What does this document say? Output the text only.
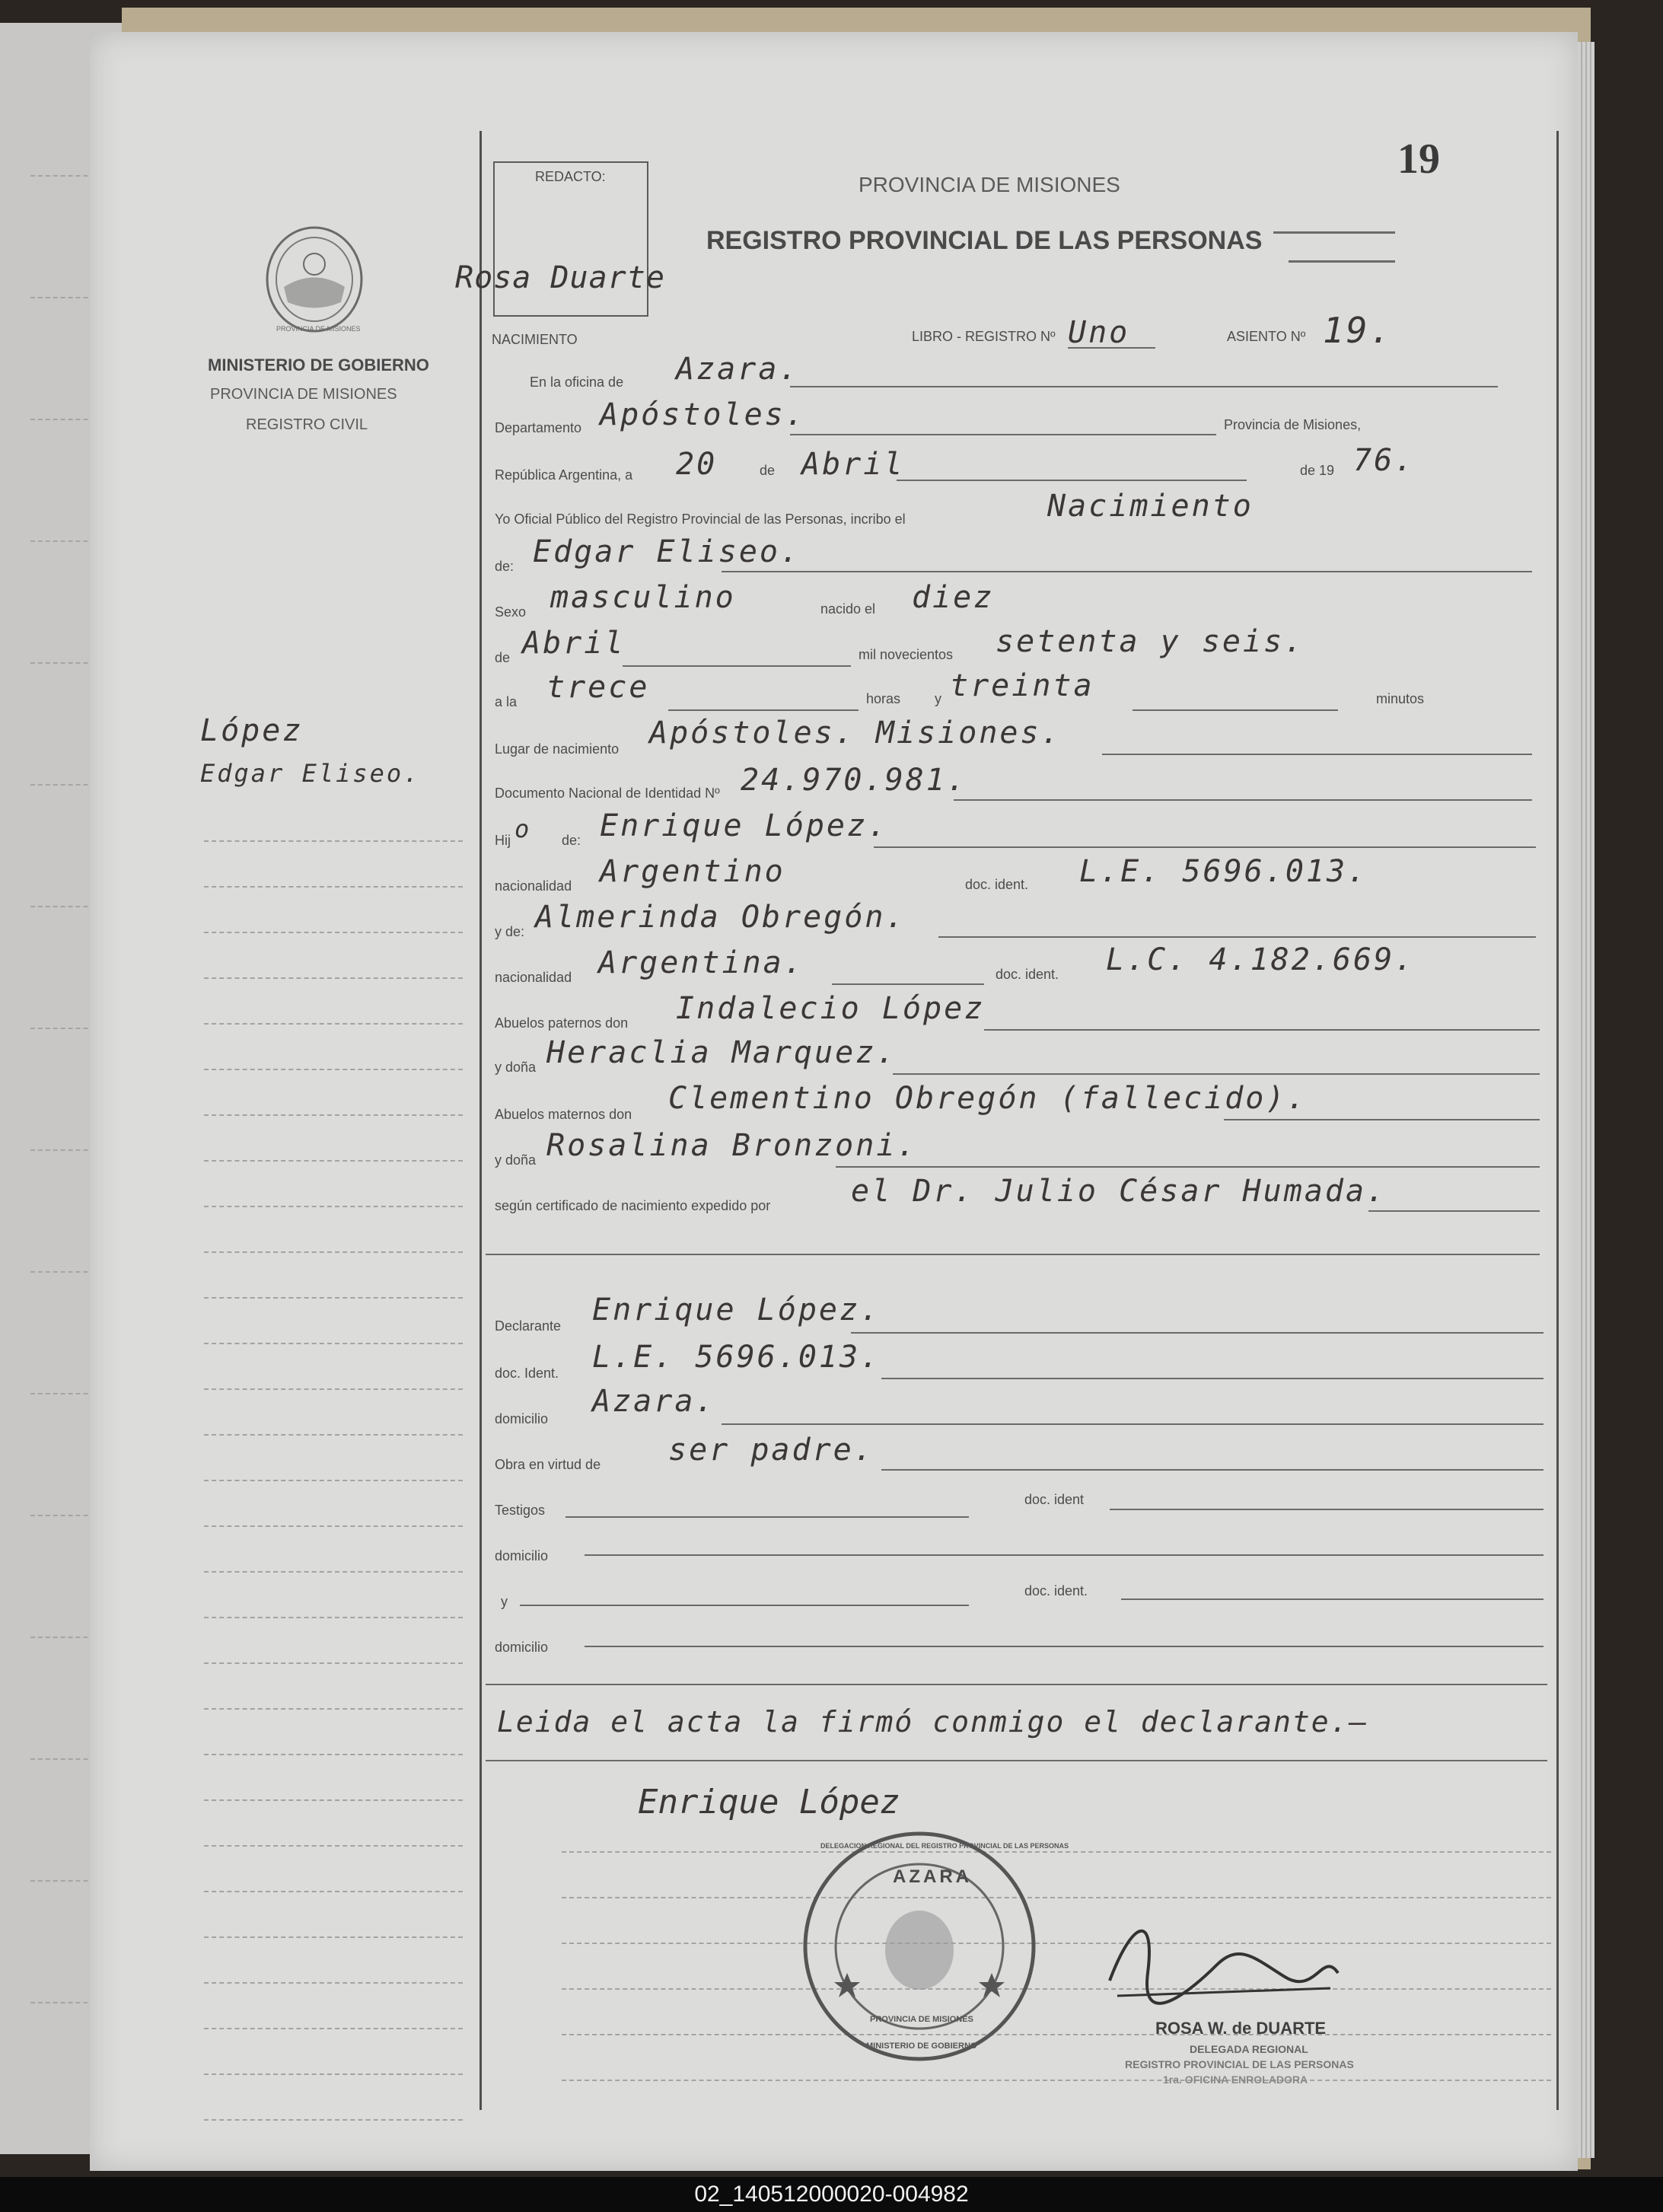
19
REDACTO:
Rosa Duarte
PROVINCIA DE MISIONES
REGISTRO PROVINCIAL DE LAS PERSONAS
PROVINCIA DE MISIONES
MINISTERIO DE GOBIERNO
PROVINCIA DE MISIONES
REGISTRO CIVIL
López
Edgar Eliseo.
NACIMIENTO	LIBRO - REGISTRO Nº Uno	ASIENTO Nº 19.
En la oficina de Azara.
Departamento Apóstoles.	Provincia de Misiones,
República Argentina, a 20	de Abril	de 19 76.
Yo Oficial Público del Registro Provincial de las Personas, incribo el	Nacimiento
de: Edgar Eliseo.
Sexo masculino	nacido el diez
de Abril	mil novecientos setenta y seis.
a la trece	horas y treinta	minutos
Lugar de nacimiento Apóstoles. Misiones.
Documento Nacional de Identidad Nº 24.970.981.
Hij o de: Enrique López.
nacionalidad Argentino	doc. ident. L.E. 5696.013.
y de: Almerinda Obregón.
nacionalidad Argentina.	doc. ident. L.C. 4.182.669.
Abuelos paternos don Indalecio López
y doña Heraclia Marquez.
Abuelos maternos don Clementino Obregón (fallecido).
y doña Rosalina Bronzoni.
según certificado de nacimiento expedido por	el Dr. Julio César Humada.
Declarante Enrique López.
doc. Ident. L.E. 5696.013.
domicilio Azara.
Obra en virtud de ser padre.
Testigos
doc. ident
domicilio
y
doc. ident.
domicilio
Leida el acta la firmó conmigo el declarante.–
Enrique López
AZARA
DELEGACION REGIONAL DEL REGISTRO PROVINCIAL DE LAS PERSONAS
PROVINCIA DE MISIONES
MINISTERIO DE GOBIERNO
ROSA W. de DUARTE
DELEGADA REGIONAL
REGISTRO PROVINCIAL DE LAS PERSONAS
1ra. OFICINA ENROLADORA
02_140512000020-004982
